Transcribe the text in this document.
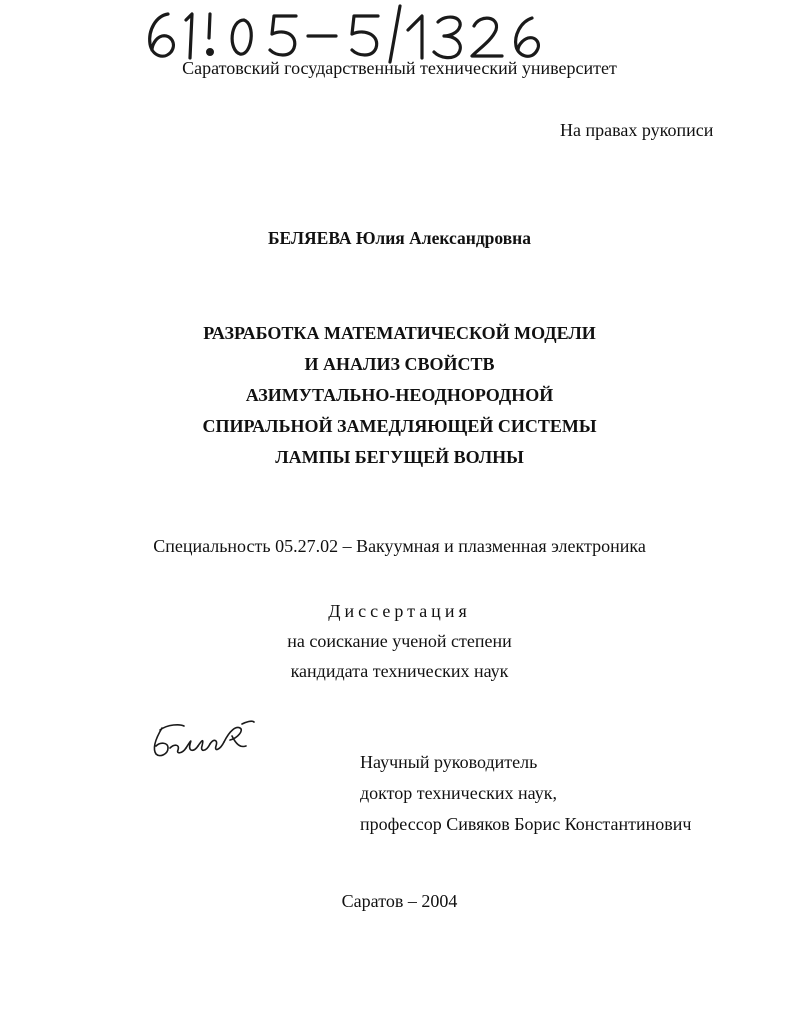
Саратовский государственный технический университет
На правах рукописи
БЕЛЯЕВА Юлия Александровна
РАЗРАБОТКА МАТЕМАТИЧЕСКОЙ МОДЕЛИ
И АНАЛИЗ СВОЙСТВ
АЗИМУТАЛЬНО-НЕОДНОРОДНОЙ
СПИРАЛЬНОЙ ЗАМЕДЛЯЮЩЕЙ СИСТЕМЫ
ЛАМПЫ БЕГУЩЕЙ ВОЛНЫ
Специальность 05.27.02 – Вакуумная и плазменная электроника
Диссертация
на соискание ученой степени
кандидата технических наук
Научный руководитель
доктор технических наук,
профессор Сивяков Борис Константинович
Саратов – 2004
